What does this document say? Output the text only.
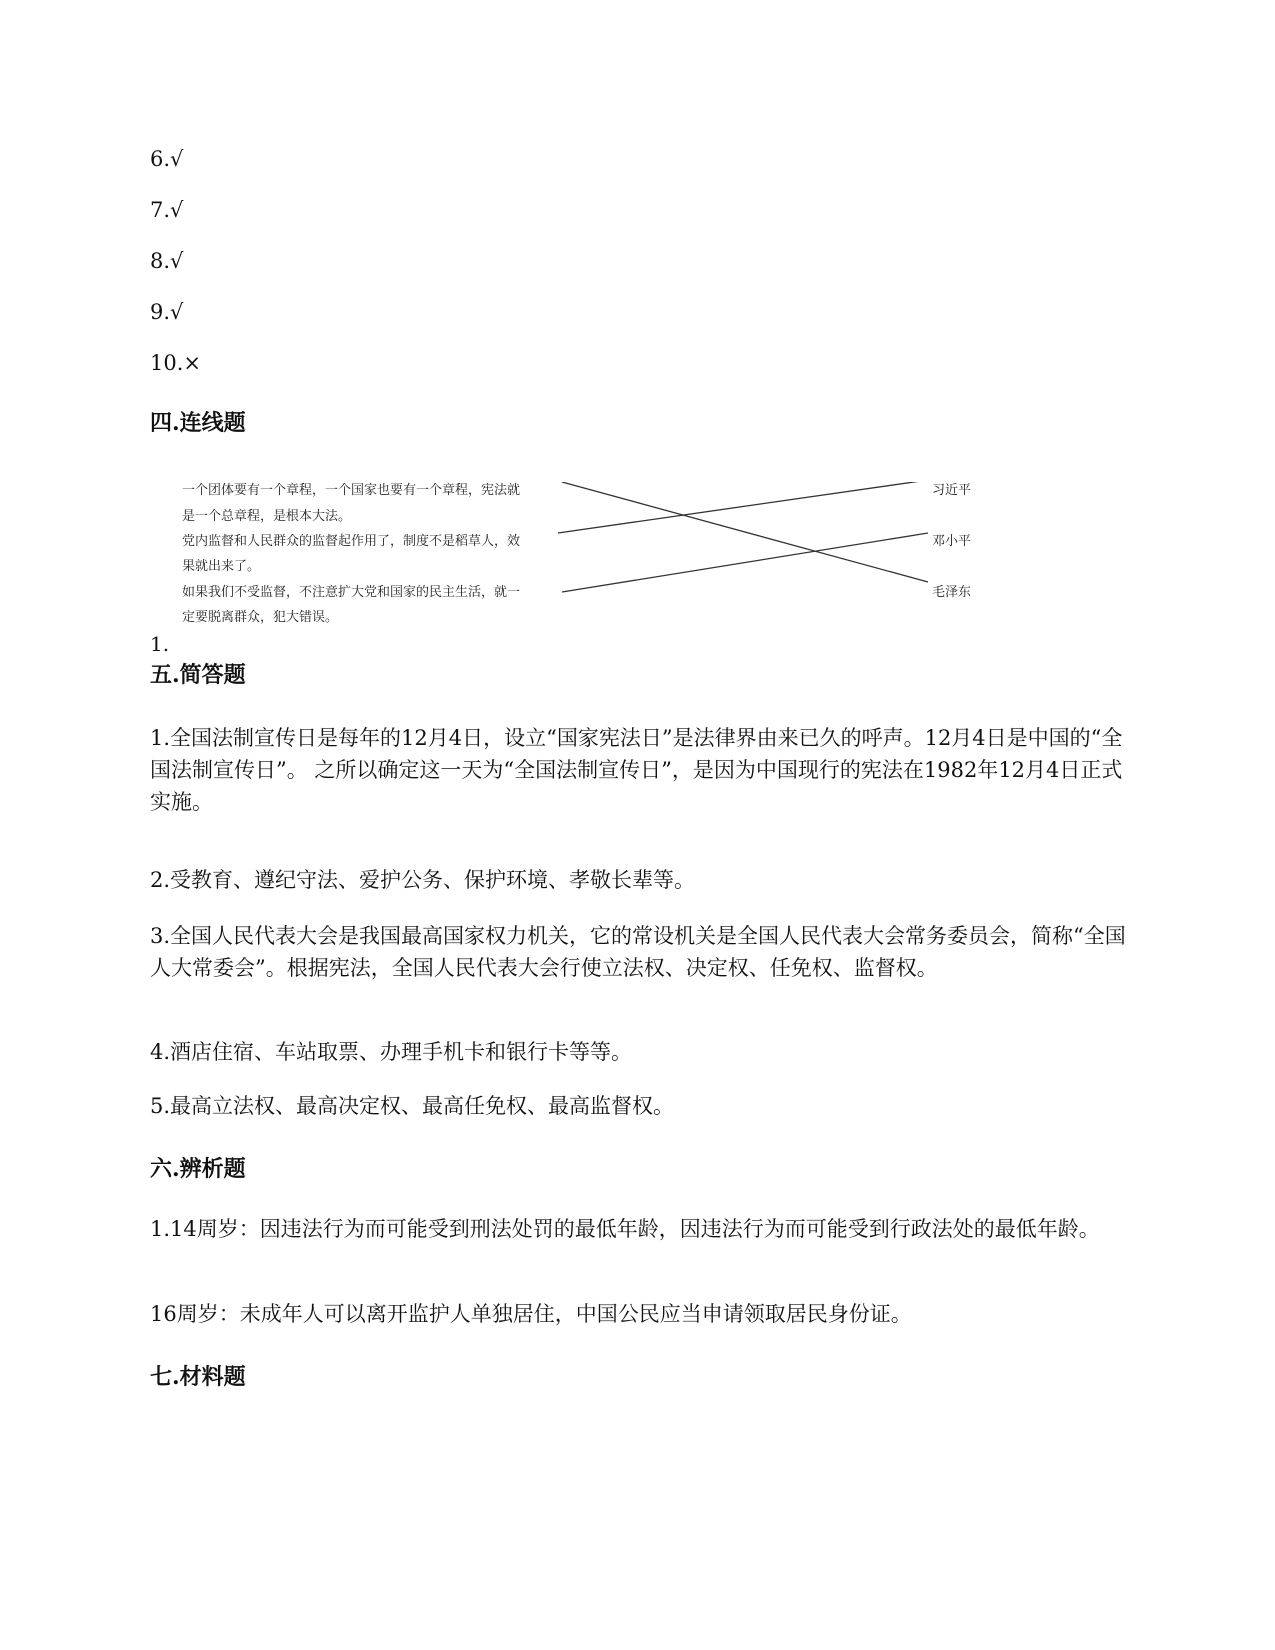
6.√

7.√

8.√

9.√

10.×

四.连线题
一个团体要有一个章程，一个国家也要有一个章程，宪法就
是一个总章程，是根本大法。
党内监督和人民群众的监督起作用了，制度不是稻草人，效
果就出来了。
如果我们不受监督，不注意扩大党和国家的民主生活，就一
定要脱离群众，犯大错误。
习近平
邓小平
毛泽东

1.

五.简答题

1.全国法制宣传日是每年的12月4日，设立“国家宪法日”是法律界由来已久的呼声。12月4日是中国的“全国法制宣传日”。 之所以确定这一天为“全国法制宣传日”，是因为中国现行的宪法在1982年12月4日正式实施。

2.受教育、遵纪守法、爱护公务、保护环境、孝敬长辈等。

3.全国人民代表大会是我国最高国家权力机关，它的常设机关是全国人民代表大会常务委员会，简称“全国人大常委会”。根据宪法，全国人民代表大会行使立法权、决定权、任免权、监督权。

4.酒店住宿、车站取票、办理手机卡和银行卡等等。

5.最高立法权、最高决定权、最高任免权、最高监督权。

六.辨析题

1.14周岁：因违法行为而可能受到刑法处罚的最低年龄，因违法行为而可能受到行政法处的最低年龄。

16周岁：未成年人可以离开监护人单独居住，中国公民应当申请领取居民身份证。

七.材料题
